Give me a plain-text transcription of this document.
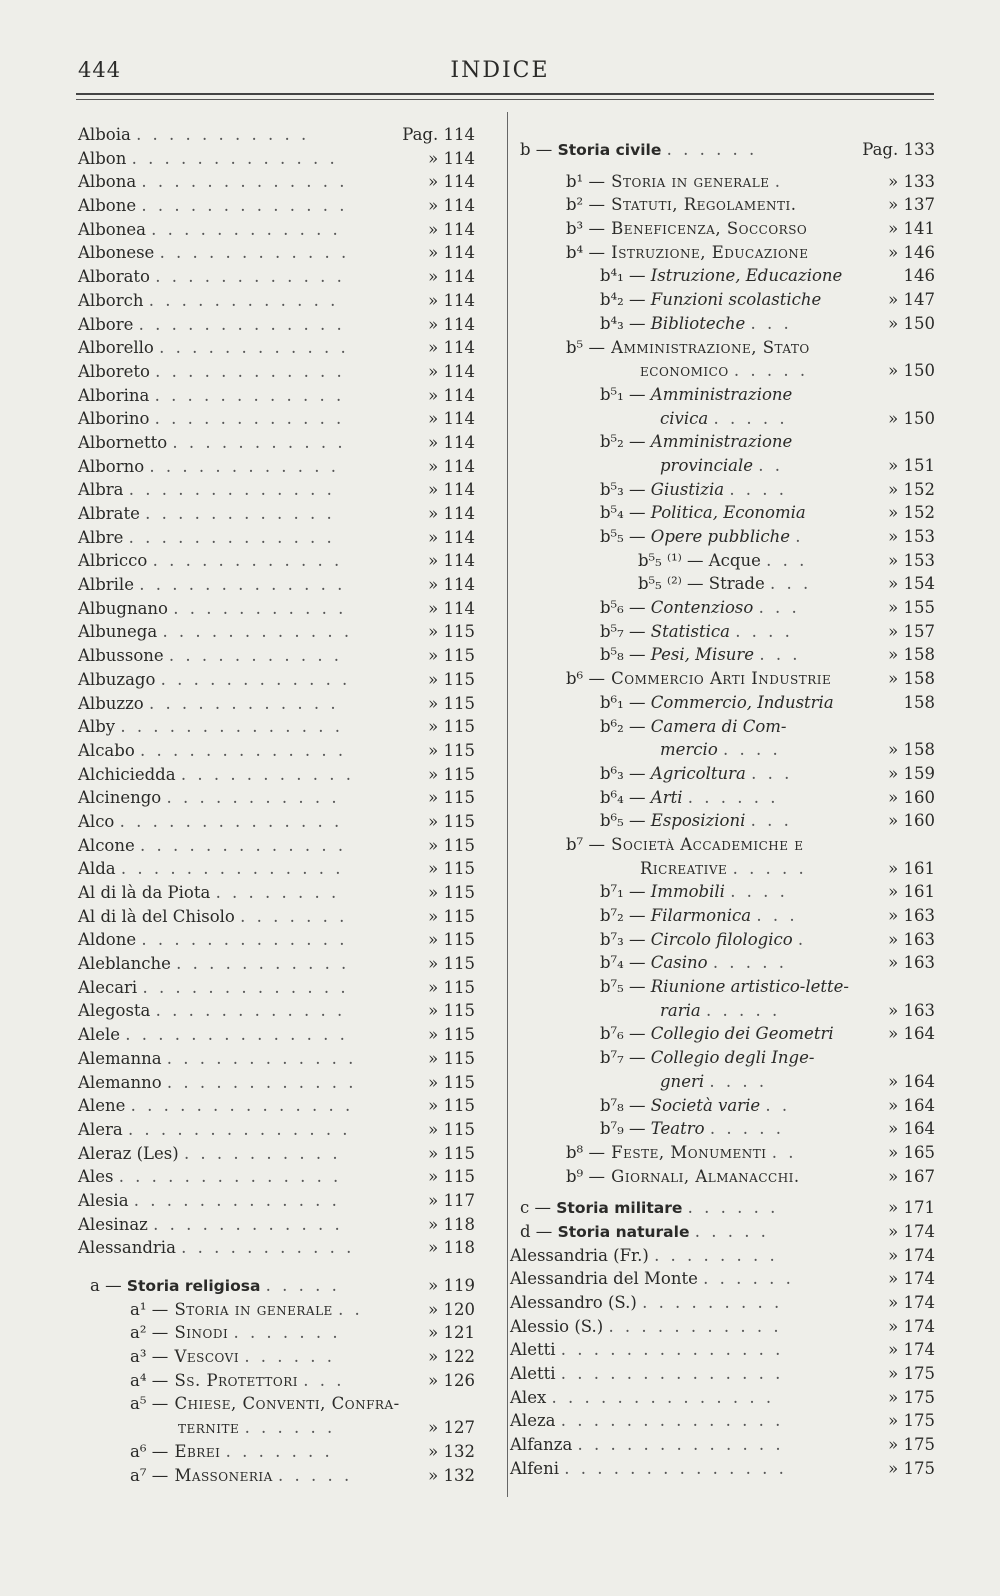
444	INDICE
Alboia . . . . . . . . . . .	Pag. 114
Albon . . . . . . . . . . . . .	» 114
Albona . . . . . . . . . . . . .	» 114
Albone . . . . . . . . . . . . .	» 114
Albonea . . . . . . . . . . . .	» 114
Albonese . . . . . . . . . . . .	» 114
Alborato . . . . . . . . . . . .	» 114
Alborch . . . . . . . . . . . .	» 114
Albore . . . . . . . . . . . . .	» 114
Alborello . . . . . . . . . . . .	» 114
Alboreto . . . . . . . . . . . .	» 114
Alborina . . . . . . . . . . . .	» 114
Alborino . . . . . . . . . . . .	» 114
Albornetto . . . . . . . . . . .	» 114
Alborno . . . . . . . . . . . .	» 114
Albra . . . . . . . . . . . . .	» 114
Albrate . . . . . . . . . . . .	» 114
Albre . . . . . . . . . . . . .	» 114
Albricco . . . . . . . . . . . .	» 114
Albrile . . . . . . . . . . . . .	» 114
Albugnano . . . . . . . . . . .	» 114
Albunega . . . . . . . . . . . .	» 115
Albussone . . . . . . . . . . .	» 115
Albuzago . . . . . . . . . . . .	» 115
Albuzzo . . . . . . . . . . . .	» 115
Alby . . . . . . . . . . . . . .	» 115
Alcabo . . . . . . . . . . . . .	» 115
Alchiciedda . . . . . . . . . . .	» 115
Alcinengo . . . . . . . . . . .	» 115
Alco . . . . . . . . . . . . . .	» 115
Alcone . . . . . . . . . . . . .	» 115
Alda . . . . . . . . . . . . . .	» 115
Al di là da Piota . . . . . . . .	» 115
Al di là del Chisolo . . . . . . .	» 115
Aldone . . . . . . . . . . . . .	» 115
Aleblanche . . . . . . . . . . .	» 115
Alecari . . . . . . . . . . . . .	» 115
Alegosta . . . . . . . . . . . .	» 115
Alele . . . . . . . . . . . . . .	» 115
Alemanna . . . . . . . . . . . .	» 115
Alemanno . . . . . . . . . . . .	» 115
Alene . . . . . . . . . . . . . .	» 115
Alera . . . . . . . . . . . . . .	» 115
Aleraz (Les) . . . . . . . . . .	» 115
Ales . . . . . . . . . . . . . .	» 115
Alesia . . . . . . . . . . . . .	» 117
Alesinaz . . . . . . . . . . . .	» 118
Alessandria . . . . . . . . . . .	» 118
a — Storia religiosa . . . . .	» 119
a¹ — Storia in generale . .	» 120
a² — Sinodi . . . . . . .	» 121
a³ — Vescovi . . . . . .	» 122
a⁴ — Ss. Protettori . . .	» 126
a⁵ — Chiese, Conventi, Confra-
ternite . . . . . .	» 127
a⁶ — Ebrei . . . . . . .	» 132
a⁷ — Massoneria . . . . .	» 132
b — Storia civile . . . . . .	Pag. 133
b¹ — Storia in generale .	» 133
b² — Statuti, Regolamenti.	» 137
b³ — Beneficenza, Soccorso	» 141
b⁴ — Istruzione, Educazione	» 146
b⁴₁ — Istruzione, Educazione	146
b⁴₂ — Funzioni scolastiche	» 147
b⁴₃ — Biblioteche . . .	» 150
b⁵ — Amministrazione, Stato
economico . . . . .	» 150
b⁵₁ — Amministrazione
civica . . . . .	» 150
b⁵₂ — Amministrazione
provinciale . .	» 151
b⁵₃ — Giustizia . . . .	» 152
b⁵₄ — Politica, Economia	» 152
b⁵₅ — Opere pubbliche .	» 153
b⁵₅ ⁽¹⁾ — Acque . . .	» 153
b⁵₅ ⁽²⁾ — Strade . . .	» 154
b⁵₆ — Contenzioso . . .	» 155
b⁵₇ — Statistica . . . .	» 157
b⁵₈ — Pesi, Misure . . .	» 158
b⁶ — Commercio Arti Industrie	» 158
b⁶₁ — Commercio, Industria	158
b⁶₂ — Camera di Com-
mercio . . . .	» 158
b⁶₃ — Agricoltura . . .	» 159
b⁶₄ — Arti . . . . . .	» 160
b⁶₅ — Esposizioni . . .	» 160
b⁷ — Società Accademiche e
Ricreative . . . . .	» 161
b⁷₁ — Immobili . . . .	» 161
b⁷₂ — Filarmonica . . .	» 163
b⁷₃ — Circolo filologico .	» 163
b⁷₄ — Casino . . . . .	» 163
b⁷₅ — Riunione artistico-lette-
raria . . . . .	» 163
b⁷₆ — Collegio dei Geometri	» 164
b⁷₇ — Collegio degli Inge-
gneri . . . .	» 164
b⁷₈ — Società varie . .	» 164
b⁷₉ — Teatro . . . . .	» 164
b⁸ — Feste, Monumenti . .	» 165
b⁹ — Giornali, Almanacchi.	» 167
c — Storia militare . . . . . .	» 171
d — Storia naturale . . . . .	» 174
Alessandria (Fr.) . . . . . . . .	» 174
Alessandria del Monte . . . . . .	» 174
Alessandro (S.) . . . . . . . . .	» 174
Alessio (S.) . . . . . . . . . . .	» 174
Aletti . . . . . . . . . . . . . .	» 174
Aletti . . . . . . . . . . . . . .	» 175
Alex . . . . . . . . . . . . . .	» 175
Aleza . . . . . . . . . . . . . .	» 175
Alfanza . . . . . . . . . . . . .	» 175
Alfeni . . . . . . . . . . . . . .	» 175
